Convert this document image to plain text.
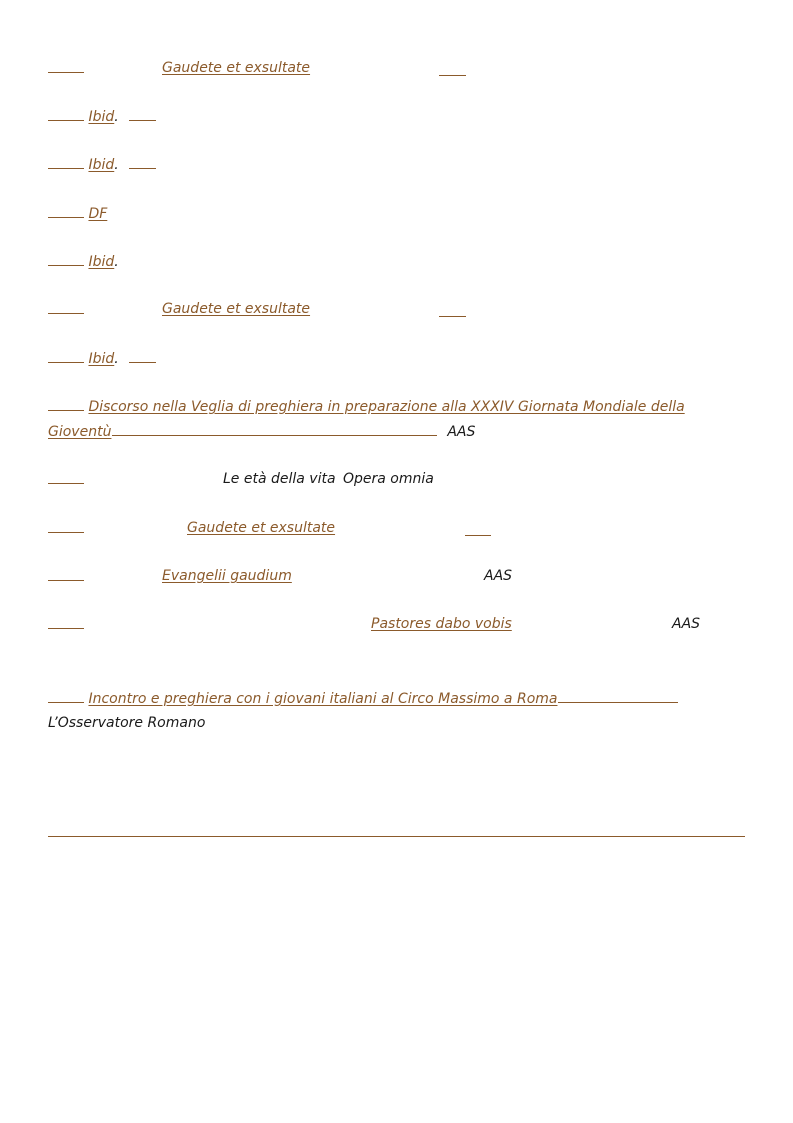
Gaudete et exsultate
Ibid.
Ibid.
DF
Ibid.
Gaudete et exsultate
Ibid.
Discorso nella Veglia di preghiera in preparazione alla XXXIV Giornata Mondiale della
Gioventù	AAS
Le età della vita Opera omnia
Gaudete et exsultate
Evangelii gaudium	AAS
Pastores dabo vobis	AAS
Incontro e preghiera con i giovani italiani al Circo Massimo a Roma
L’Osservatore Romano
